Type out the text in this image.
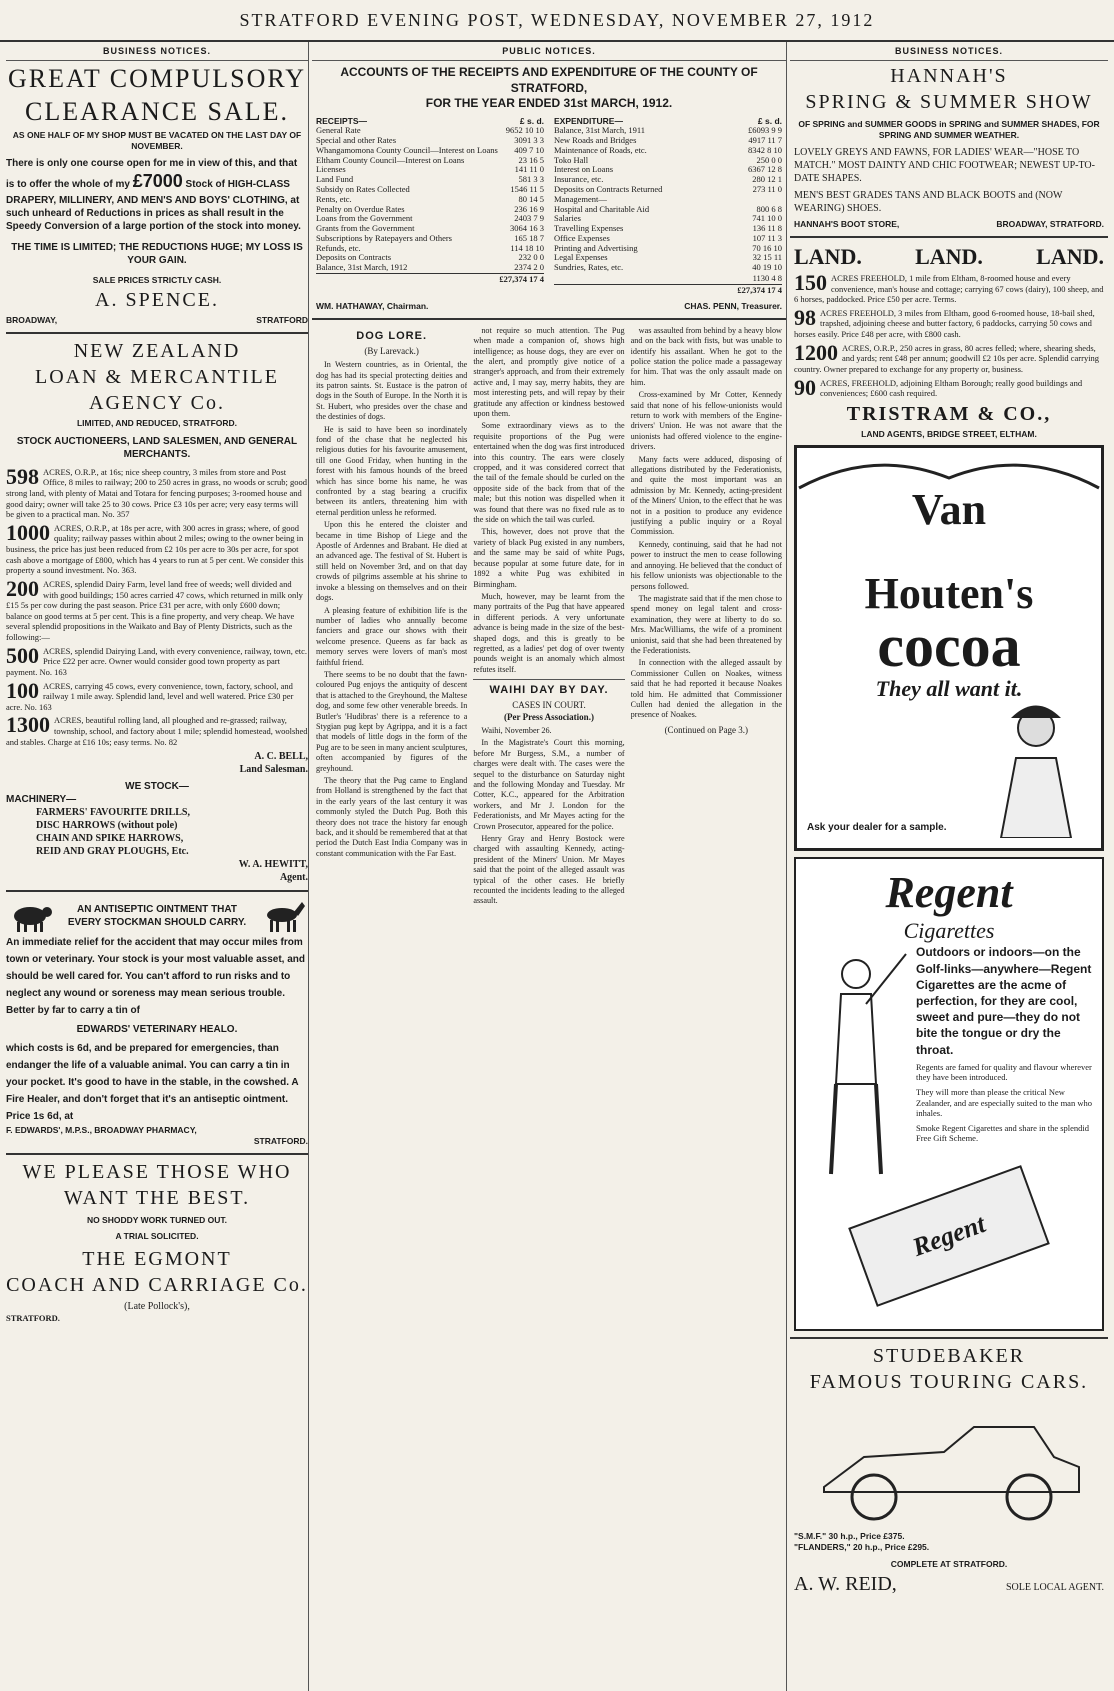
STRATFORD EVENING POST, WEDNESDAY, NOVEMBER 27, 1912
BUSINESS NOTICES.
GREAT COMPULSORY
CLEARANCE SALE.
AS ONE HALF OF MY SHOP MUST BE VACATED ON THE LAST DAY OF NOVEMBER.
There is only one course open for me in view of this, and that is to offer the whole of my £7000 Stock of HIGH-CLASS DRAPERY, MILLINERY, AND MEN'S AND BOYS' CLOTHING, at such unheard of Reductions in prices as shall result in the Speedy Conversion of a large portion of the stock into money.
THE TIME IS LIMITED; THE REDUCTIONS HUGE; MY LOSS IS YOUR GAIN.
SALE PRICES STRICTLY CASH.
A. SPENCE.
BROADWAY,	STRATFORD
NEW ZEALAND
LOAN & MERCANTILE
AGENCY Co.
LIMITED, AND REDUCED, STRATFORD.
STOCK AUCTIONEERS, LAND SALESMEN, AND GENERAL MERCHANTS.
598 ACRES, O.R.P., at 16s; nice sheep country, 3 miles from store and Post Office, 8 miles to railway; 200 to 250 acres in grass, no woods or scrub; good strong land, with plenty of Matai and Totara for fencing purposes; 3-roomed house and good dairy; owner will take 25 to 30 cows. Price £3 10s per acre; very easy terms will be given to a practical man. No. 357
1000 ACRES, O.R.P., at 18s per acre, with 300 acres in grass; where, of good quality; railway passes within about 2 miles; owing to the owner being in business, the price has just been reduced from £2 10s per acre to 30s per acre, for spot cash above a mortgage of £800, which has 4 years to run at 5 per cent. We consider this property a sound investment. No. 363.
200 ACRES, splendid Dairy Farm, level land free of weeds; well divided and with good buildings; 150 acres carried 47 cows, which returned in milk only £15 5s per cow during the past season. Price £31 per acre, with only £600 down; balance on good terms at 5 per cent. This is a fine property, and very cheap. We have several splendid propositions in the Waikato and Bay of Plenty Districts, such as the following:—
500 ACRES, splendid Dairying Land, with every convenience, railway, town, etc. Price £22 per acre. Owner would consider good town property as part payment. No. 163
100 ACRES, carrying 45 cows, every convenience, town, factory, school, and railway 1 mile away. Splendid land, level and well watered. Price £30 per acre. No. 163
1300 ACRES, beautiful rolling land, all ploughed and re-grassed; railway, township, school, and factory about 1 mile; splendid homestead, woolshed and stables. Charge at £16 10s; easy terms. No. 82
A. C. BELL,
Land Salesman.
WE STOCK—
MACHINERY—
FARMERS' FAVOURITE DRILLS,
DISC HARROWS (without pole)
CHAIN AND SPIKE HARROWS,
REID AND GRAY PLOUGHS, Etc.
W. A. HEWITT,
Agent.
AN ANTISEPTIC OINTMENT THAT EVERY STOCKMAN SHOULD CARRY.
An immediate relief for the accident that may occur miles from town or veterinary. Your stock is your most valuable asset, and should be well cared for. You can't afford to run risks and to neglect any wound or soreness may mean serious trouble. Better by far to carry a tin of
EDWARDS' VETERINARY HEALO.
which costs is 6d, and be prepared for emergencies, than endanger the life of a valuable animal. You can carry a tin in your pocket. It's good to have in the stable, in the cowshed. A Fire Healer, and don't forget that it's an antiseptic ointment. Price 1s 6d, at
F. EDWARDS', M.P.S., BROADWAY PHARMACY,
STRATFORD.
WE PLEASE THOSE WHO
WANT THE BEST.
NO SHODDY WORK TURNED OUT.
A TRIAL SOLICITED.
THE EGMONT
COACH AND CARRIAGE Co.
(Late Pollock's),
STRATFORD.
PUBLIC NOTICES.
ACCOUNTS OF THE RECEIPTS AND EXPENDITURE OF THE COUNTY OF STRATFORD,
FOR THE YEAR ENDED 31st MARCH, 1912.
RECEIPTS—	£ s. d.
General Rate	9652 10 10
Special and other Rates	3091 3 3
Whangamomona County Council—Interest on Loans	409 7 10
Eltham County Council—Interest on Loans	23 16 5
Licenses	141 11 0
Land Fund	581 3 3
Subsidy on Rates Collected	1546 11 5
Rents, etc.	80 14 5
Penalty on Overdue Rates	236 16 9
Loans from the Government	2403 7 9
Grants from the Government	3064 16 3
Subscriptions by Ratepayers and Others	165 18 7
Refunds, etc.	114 18 10
Deposits on Contracts	232 0 0
Balance, 31st March, 1912	2374 2 0
£27,374 17 4
EXPENDITURE—	£ s. d.
Balance, 31st March, 1911	£6093 9 9
New Roads and Bridges	4917 11 7
Maintenance of Roads, etc.	8342 8 10
Toko Hall	250 0 0
Interest on Loans	6367 12 8
Insurance, etc.	280 12 1
Deposits on Contracts Returned	273 11 0
Management—	
Hospital and Charitable Aid	800 6 8
Salaries	741 10 0
Travelling Expenses	136 11 8
Office Expenses	107 11 3
Printing and Advertising	70 16 10
Legal Expenses	32 15 11
Sundries, Rates, etc.	40 19 10
1130 4 8
£27,374 17 4
WM. HATHAWAY, Chairman.	CHAS. PENN, Treasurer.
DOG LORE.
(By Larevack.)

In Western countries, as in Oriental, the dog has had its special protecting deities and its patron saints. St. Eustace is the patron of dogs in the South of Europe. In the North it is St. Hubert, who presides over the chase and the destinies of dogs.

He is said to have been so inordinately fond of the chase that he neglected his religious duties for his favourite amusement, till one Good Friday, when hunting in the forest with his famous hounds of the breed which has since borne his name, he was confronted by a stag bearing a crucifix between its antlers, threatening him with eternal perdition unless he reformed.

Upon this he entered the cloister and became in time Bishop of Liege and the Apostle of Ardennes and Brabant. He died at an advanced age. The festival of St. Hubert is still held on November 3rd, and on that day crowds of pilgrims assemble at his shrine to invoke a blessing on themselves and on their dogs.

A pleasing feature of exhibition life is the number of ladies who annually become fanciers and grace our shows with their welcome presence. Queens as far back as memory serves were lovers of man's most faithful friend.

There seems to be no doubt that the fawn-coloured Pug enjoys the antiquity of descent that is attached to the Greyhound, the Maltese dog, and some few other venerable breeds. In Butler's 'Hudibras' there is a reference to a Stygian pug kept by Agrippa, and it is a fact that models of little dogs in the form of the Pug are to be seen in many ancient sculptures, often accompanied by figures of the greyhound.

The theory that the Pug came to England from Holland is strengthened by the fact that in the early years of the last century it was commonly styled the Dutch Pug. Both this theory does not trace the history far enough back, and it should be remembered that at that period the Dutch East India Company was in constant communication with the Far East.

not require so much attention. The Pug when made a companion of, shows high intelligence; as house dogs, they are ever on the alert, and promptly give notice of a stranger's approach, and from their extremely active and, I may say, merry habits, they are most interesting pets, and will repay by their gratitude any affection or kindness bestowed upon them.

Some extraordinary views as to the requisite proportions of the Pug were entertained when the dog was first introduced into this country. The ears were closely cropped, and it was considered correct that the tail of the female should be curled on the opposite side of the back from that of the male; but this notion was dispelled when it was found that there was no fixed rule as to the side on which the tail was curled.

This, however, does not prove that the variety of black Pug existed in any numbers, and the same may be said of white Pugs, because popular at some future date, for in 1892 a white Pug was exhibited in Birmingham.

Much, however, may be learnt from the many portraits of the Pug that have appeared in different periods. A very unfortunate advance is being made in the size of the best-shaped dogs, and this is greatly to be regretted, as a ladies' pet dog of over twenty pounds weight is an anomaly which almost refutes itself.

WAIHI DAY BY DAY.
CASES IN COURT.
(Per Press Association.)

Waihi, November 26.

In the Magistrate's Court this morning, before Mr Burgess, S.M., a number of charges were dealt with. The cases were the sequel to the disturbance on Saturday night and the following Monday and Tuesday. Mr Cotter, K.C., appeared for the Arbitration workers, and Mr J. London for the Federationists, and Mr Mayes acting for the Crown Prosecutor, appeared for the police.

Henry Gray and Henry Bostock were charged with assaulting Kennedy, acting-president of the Miners' Union. Mr Mayes said that the point of the alleged assault was typical of the other cases. He briefly recounted the incidents leading to the alleged assault.

was assaulted from behind by a heavy blow and on the back with fists, but was unable to identify his assailant. When he got to the police station the police made a passageway for him. That was the only assault made on him.

Cross-examined by Mr Cotter, Kennedy said that none of his fellow-unionists would return to work with members of the Engine-drivers' Union. He was not aware that the unionists had offered violence to the engine-drivers.

Many facts were adduced, disposing of allegations distributed by the Federationists, and quite the most important was an admission by Mr. Kennedy, acting-president of the Miners' Union, to the effect that he was not in a position to produce any evidence justifying a public inquiry or a Royal Commission.

Kennedy, continuing, said that he had not power to instruct the men to cease following and annoying. He believed that the conduct of his fellow unionists was objectionable to the persons followed.

The magistrate said that if the men chose to spend money on legal talent and cross-examination, they were at liberty to do so. Mrs. MacWilliams, the wife of a prominent unionist, said that she had been threatened by the Federationists.

In connection with the alleged assault by Commissioner Cullen on Noakes, witness said that he had reported it because Noakes told him. He admitted that Commissioner Cullen had denied the allegation in the presence of Noakes.

(Continued on Page 3.)
BUSINESS NOTICES.
HANNAH'S
SPRING & SUMMER SHOW
OF SPRING and SUMMER GOODS in SPRING and SUMMER SHADES, FOR SPRING AND SUMMER WEATHER.
LOVELY GREYS AND FAWNS, FOR LADIES' WEAR—"HOSE TO MATCH." MOST DAINTY AND CHIC FOOTWEAR; NEWEST UP-TO-DATE SHAPES.
MEN'S BEST GRADES TANS AND BLACK BOOTS and (NOW WEARING) SHOES.
HANNAH'S BOOT STORE,	BROADWAY, STRATFORD.
LAND. LAND. LAND.
150 ACRES FREEHOLD, 1 mile from Eltham, 8-roomed house and every convenience, man's house and cottage; carrying 67 cows (dairy), 100 sheep, and 6 horses, paddocked. Price £50 per acre. Terms.
98 ACRES FREEHOLD, 3 miles from Eltham, good 6-roomed house, 18-bail shed, trapshed, adjoining cheese and butter factory, 6 paddocks, carrying 50 cows and horses easily. Price £48 per acre, with £800 cash.
1200 ACRES, O.R.P., 250 acres in grass, 80 acres felled; where, shearing sheds, and yards; rent £48 per annum; goodwill £2 10s per acre. Splendid carrying country. Owner prepared to exchange for any property or, business.
90 ACRES, FREEHOLD, adjoining Eltham Borough; really good buildings and conveniences; £600 cash required.
TRISTRAM & CO.,
LAND AGENTS, BRIDGE STREET, ELTHAM.
Van
Houten's
cocoa
They all want it.
Ask your dealer for a sample.
Regent
Cigarettes
Outdoors or indoors—on the Golf-links—anywhere—Regent Cigarettes are the acme of perfection, for they are cool, sweet and pure—they do not bite the tongue or dry the throat.
Regents are famed for quality and flavour wherever they have been introduced.
They will more than please the critical New Zealander, and are especially suited to the man who inhales.
Smoke Regent Cigarettes and share in the splendid Free Gift Scheme.
Regent
STUDEBAKER
FAMOUS TOURING CARS.
"S.M.F." 30 h.p., Price £375.
"FLANDERS," 20 h.p., Price £295.
COMPLETE AT STRATFORD.
A. W. REID,	SOLE LOCAL AGENT.
